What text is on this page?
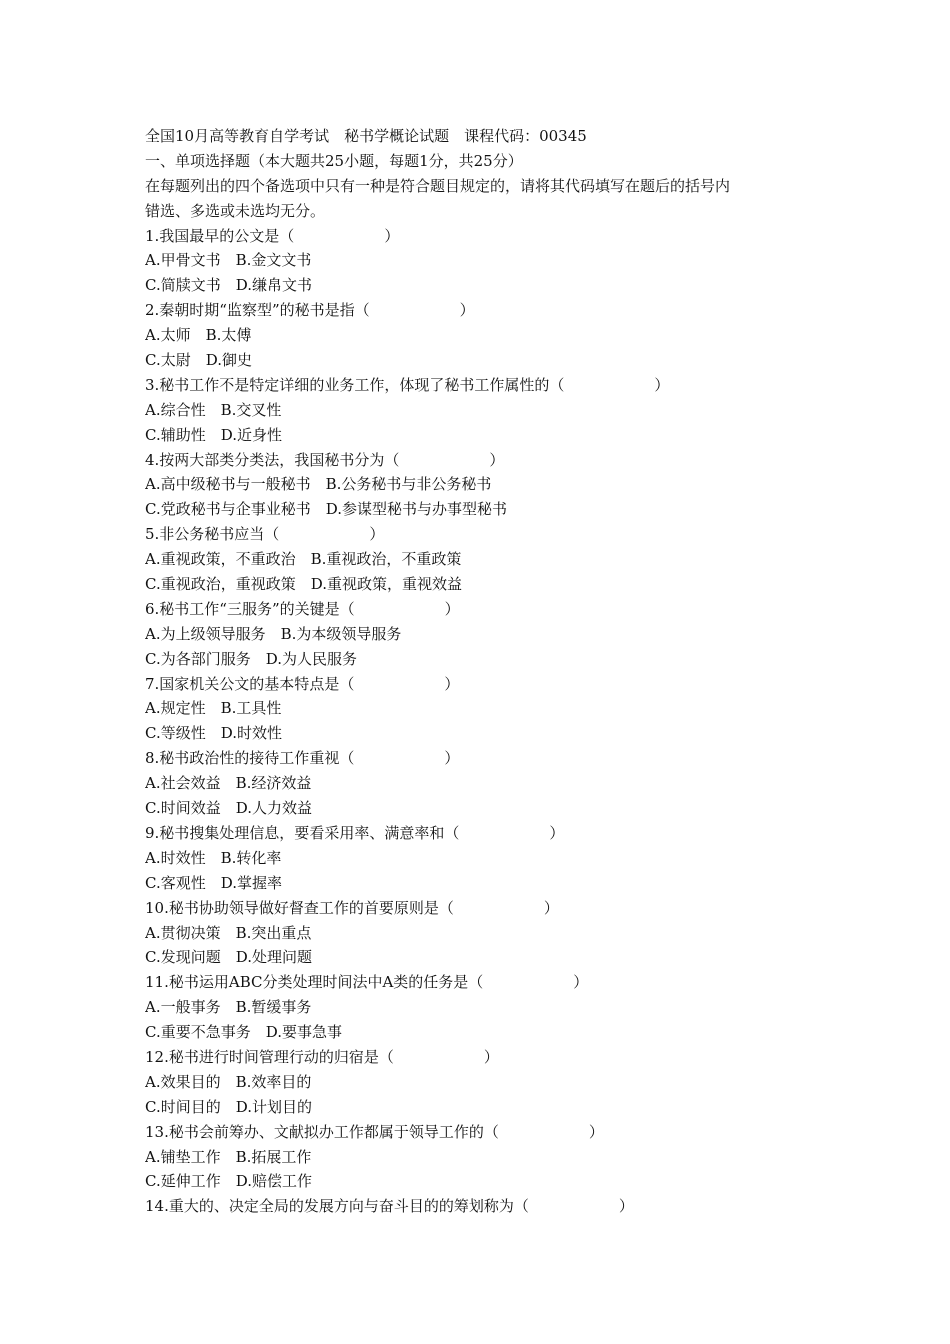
全国10月高等教育自学考试　秘书学概论试题　课程代码：00345
一、单项选择题（本大题共25小题，每题1分，共25分）
在每题列出的四个备选项中只有一种是符合题目规定的，请将其代码填写在题后的括号内
错选、多选或未选均无分。
1.我国最早的公文是（　　　　　　）
A.甲骨文书　B.金文文书
C.简牍文书　D.缣帛文书
2.秦朝时期“监察型”的秘书是指（　　　　　　）
A.太师　B.太傅
C.太尉　D.御史
3.秘书工作不是特定详细的业务工作，体现了秘书工作属性的（　　　　　　）
A.综合性　B.交叉性
C.辅助性　D.近身性
4.按两大部类分类法，我国秘书分为（　　　　　　）
A.高中级秘书与一般秘书　B.公务秘书与非公务秘书
C.党政秘书与企事业秘书　D.参谋型秘书与办事型秘书
5.非公务秘书应当（　　　　　　）
A.重视政策，不重政治　B.重视政治，不重政策
C.重视政治，重视政策　D.重视政策，重视效益
6.秘书工作“三服务”的关键是（　　　　　　）
A.为上级领导服务　B.为本级领导服务
C.为各部门服务　D.为人民服务
7.国家机关公文的基本特点是（　　　　　　）
A.规定性　B.工具性
C.等级性　D.时效性
8.秘书政治性的接待工作重视（　　　　　　）
A.社会效益　B.经济效益
C.时间效益　D.人力效益
9.秘书搜集处理信息，要看采用率、满意率和（　　　　　　）
A.时效性　B.转化率
C.客观性　D.掌握率
10.秘书协助领导做好督查工作的首要原则是（　　　　　　）
A.贯彻决策　B.突出重点
C.发现问题　D.处理问题
11.秘书运用ABC分类处理时间法中A类的任务是（　　　　　　）
A.一般事务　B.暂缓事务
C.重要不急事务　D.要事急事
12.秘书进行时间管理行动的归宿是（　　　　　　）
A.效果目的　B.效率目的
C.时间目的　D.计划目的
13.秘书会前筹办、文献拟办工作都属于领导工作的（　　　　　　）
A.铺垫工作　B.拓展工作
C.延伸工作　D.赔偿工作
14.重大的、决定全局的发展方向与奋斗目的的筹划称为（　　　　　　）
